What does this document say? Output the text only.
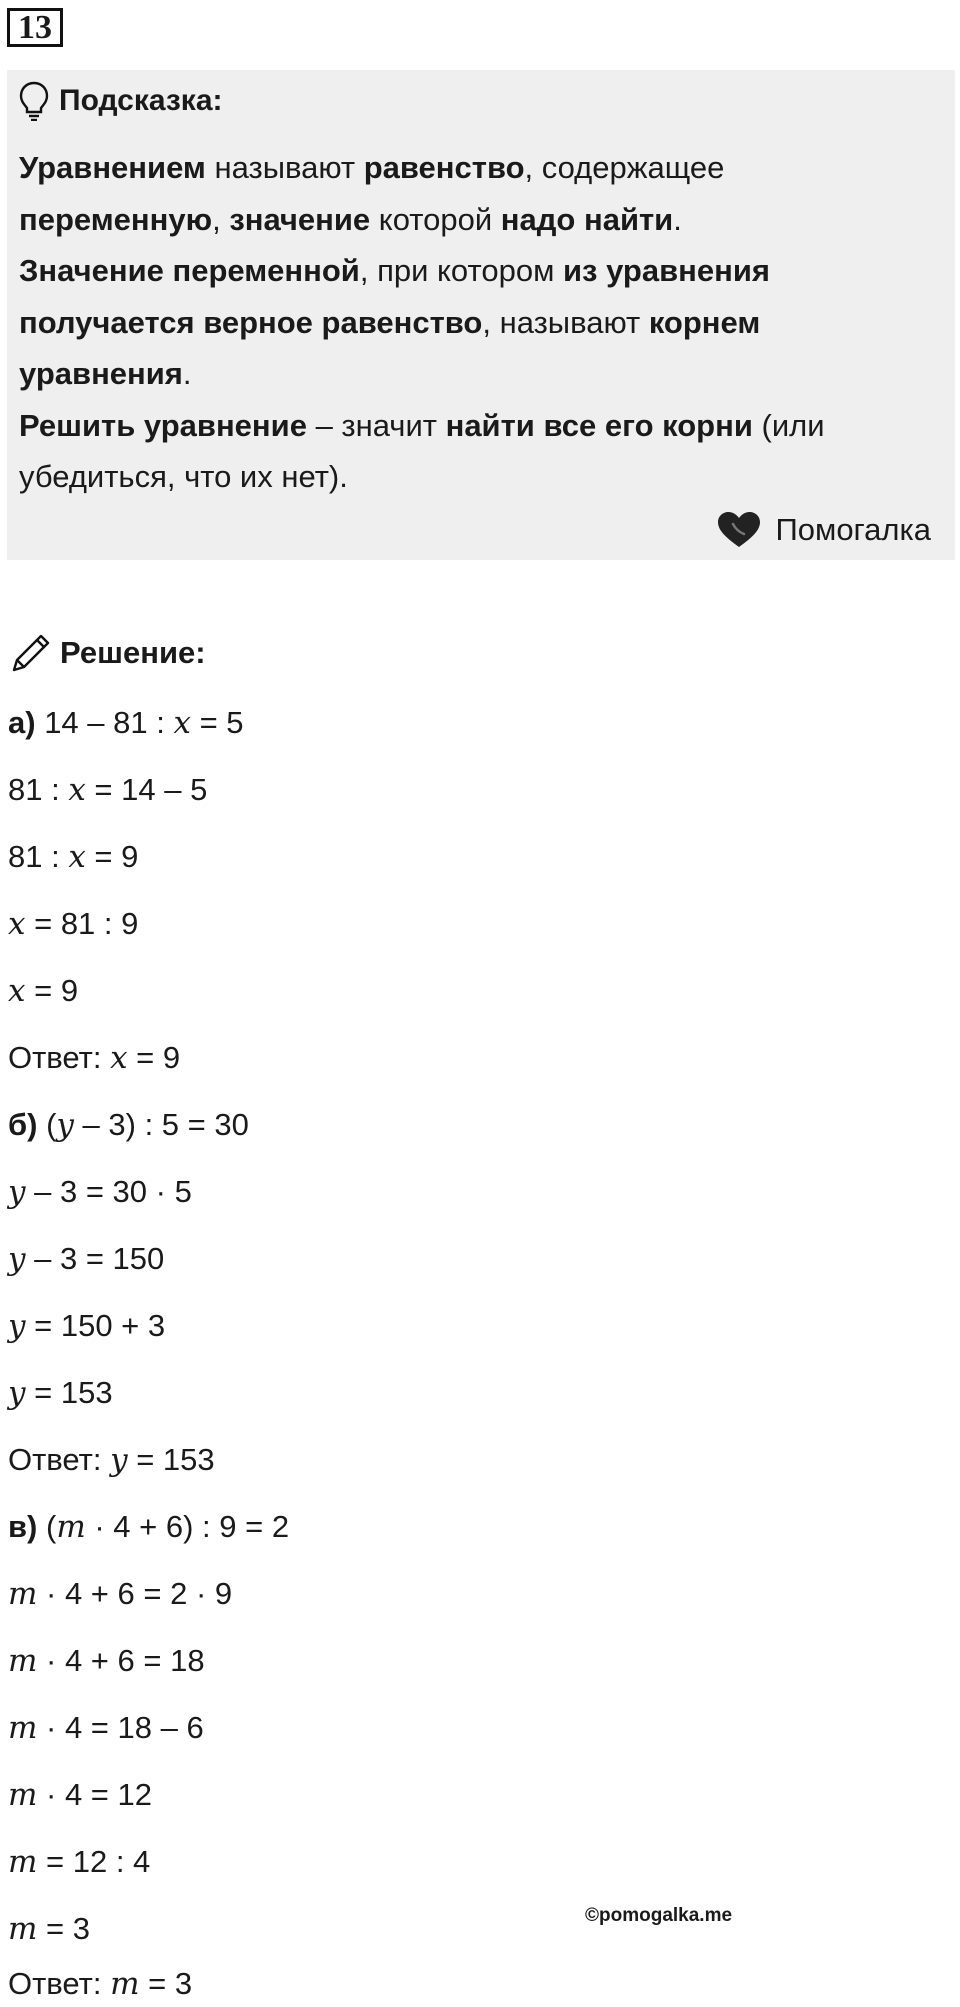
13
Подсказка:
Уравнением называют равенство, содержащее
переменную, значение которой надо найти.
Значение переменной, при котором из уравнения
получается верное равенство, называют корнем
уравнения.
Решить уравнение – значит найти все его корни (или
убедиться, что их нет).
Помогалка
Решение:
а) 14 – 81 : x = 5
81 : x = 14 – 5
81 : x = 9
x = 81 : 9
x = 9
Ответ: x = 9
б) (y – 3) : 5 = 30
y – 3 = 30 · 5
y – 3 = 150
y = 150 + 3
y = 153
Ответ: y = 153
в) (m · 4 + 6) : 9 = 2
m · 4 + 6 = 2 · 9
m · 4 + 6 = 18
m · 4 = 18 – 6
m · 4 = 12
m = 12 : 4
m = 3
Ответ: m = 3
©pomogalka.me
